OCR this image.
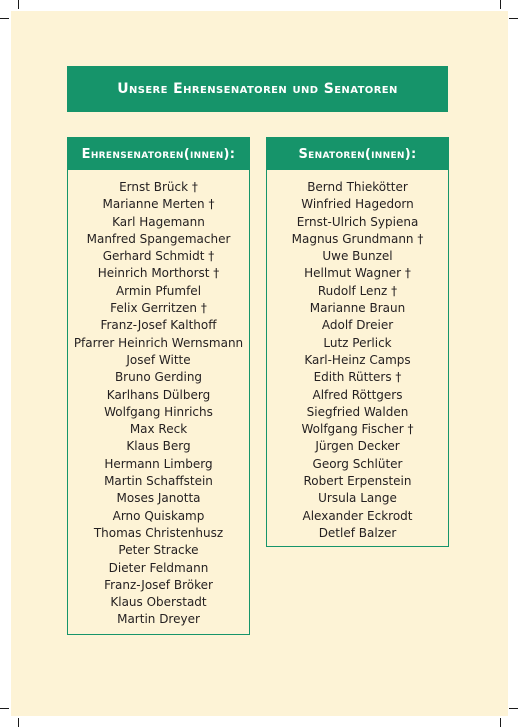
Unsere Ehrensenatoren und Senatoren
Ehrensenatoren(innen):
Ernst Brück †
Marianne Merten †
Karl Hagemann
Manfred Spangemacher
Gerhard Schmidt †
Heinrich Morthorst †
Armin Pfumfel
Felix Gerritzen †
Franz-Josef Kalthoff
Pfarrer Heinrich Wernsmann
Josef Witte
Bruno Gerding
Karlhans Dülberg
Wolfgang Hinrichs
Max Reck
Klaus Berg
Hermann Limberg
Martin Schaffstein
Moses Janotta
Arno Quiskamp
Thomas Christenhusz
Peter Stracke
Dieter Feldmann
Franz-Josef Bröker
Klaus Oberstadt
Martin Dreyer
Senatoren(innen):
Bernd Thiekötter
Winfried Hagedorn
Ernst-Ulrich Sypiena
Magnus Grundmann †
Uwe Bunzel
Hellmut Wagner †
Rudolf Lenz †
Marianne Braun
Adolf Dreier
Lutz Perlick
Karl-Heinz Camps
Edith Rütters †
Alfred Röttgers
Siegfried Walden
Wolfgang Fischer †
Jürgen Decker
Georg Schlüter
Robert Erpenstein
Ursula Lange
Alexander Eckrodt
Detlef Balzer
